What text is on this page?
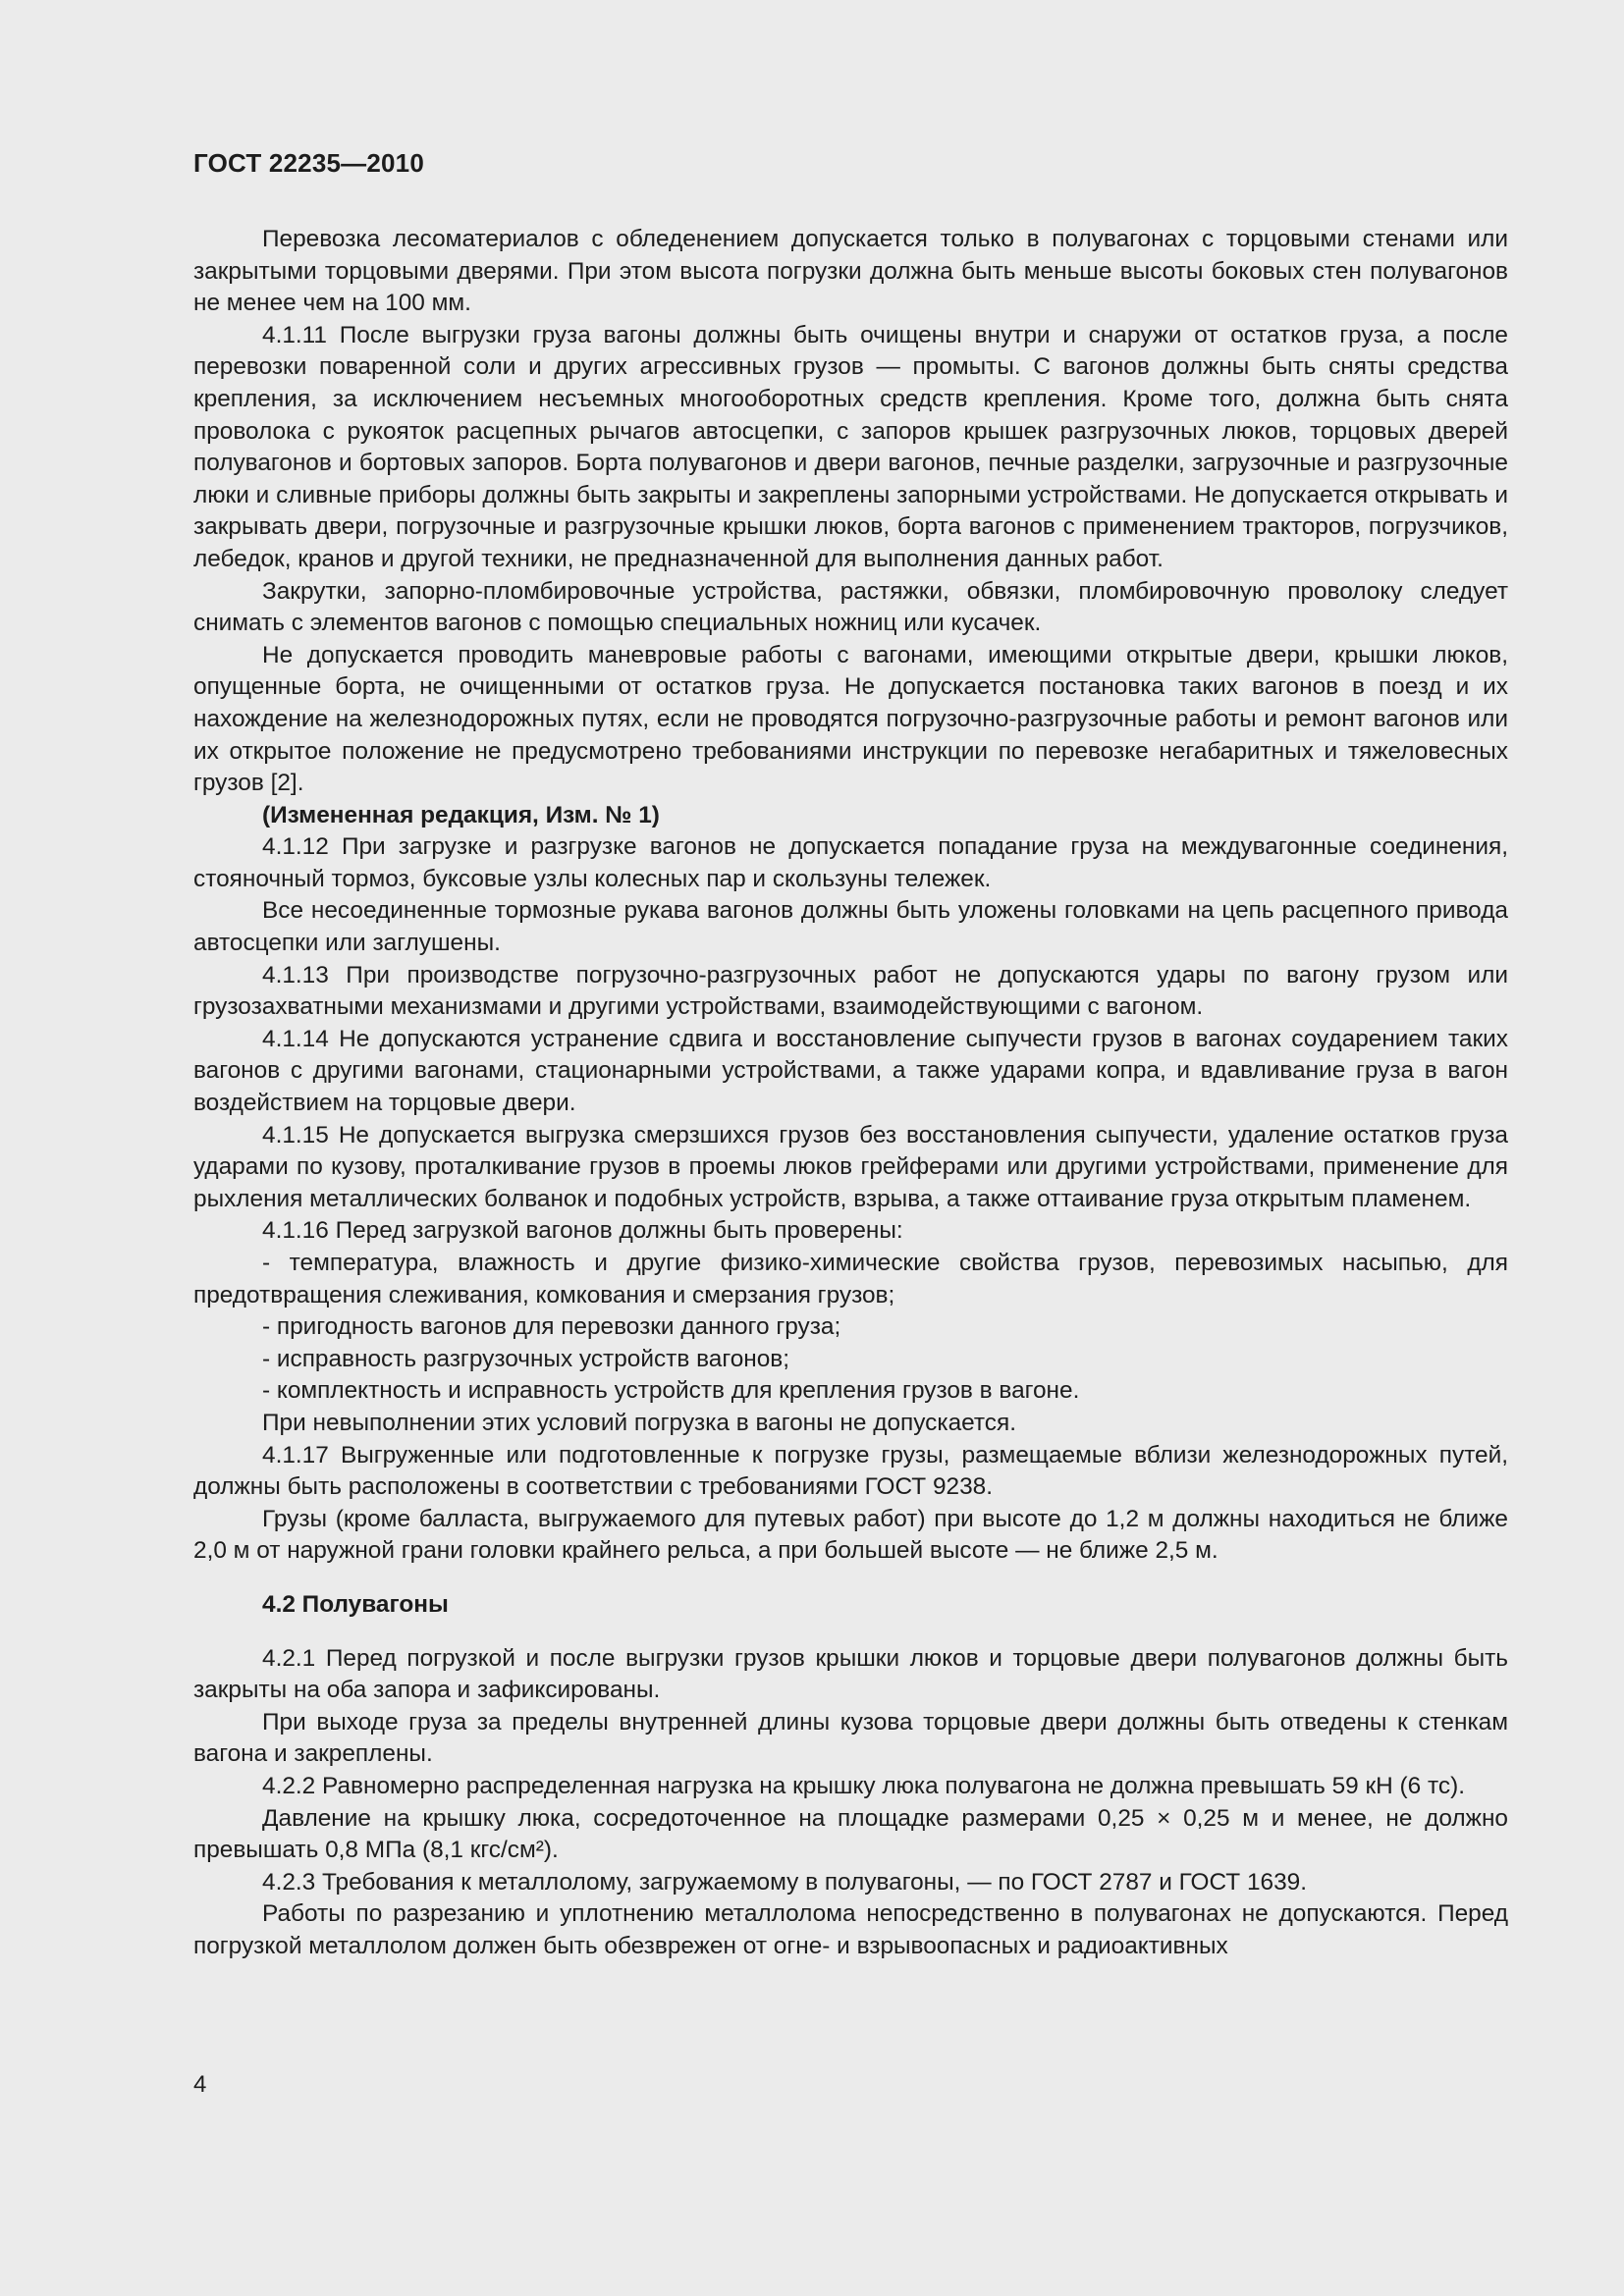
ГОСТ 22235—2010

Перевозка лесоматериалов с обледенением допускается только в полувагонах с торцовыми стенами или закрытыми торцовыми дверями. При этом высота погрузки должна быть меньше высоты боковых стен полувагонов не менее чем на 100 мм.

4.1.11 После выгрузки груза вагоны должны быть очищены внутри и снаружи от остатков груза, а после перевозки поваренной соли и других агрессивных грузов — промыты. С вагонов должны быть сняты средства крепления, за исключением несъемных многооборотных средств крепления. Кроме того, должна быть снята проволока с рукояток расцепных рычагов автосцепки, с запоров крышек разгрузочных люков, торцовых дверей полувагонов и бортовых запоров. Борта полувагонов и двери вагонов, печные разделки, загрузочные и разгрузочные люки и сливные приборы должны быть закрыты и закреплены запорными устройствами. Не допускается открывать и закрывать двери, погрузочные и разгрузочные крышки люков, борта вагонов с применением тракторов, погрузчиков, лебедок, кранов и другой техники, не предназначенной для выполнения данных работ.

Закрутки, запорно-пломбировочные устройства, растяжки, обвязки, пломбировочную проволоку следует снимать с элементов вагонов с помощью специальных ножниц или кусачек.

Не допускается проводить маневровые работы с вагонами, имеющими открытые двери, крышки люков, опущенные борта, не очищенными от остатков груза. Не допускается постановка таких вагонов в поезд и их нахождение на железнодорожных путях, если не проводятся погрузочно-разгрузочные работы и ремонт вагонов или их открытое положение не предусмотрено требованиями инструкции по перевозке негабаритных и тяжеловесных грузов [2].

(Измененная редакция, Изм. № 1)

4.1.12 При загрузке и разгрузке вагонов не допускается попадание груза на междувагонные соединения, стояночный тормоз, буксовые узлы колесных пар и скользуны тележек.

Все несоединенные тормозные рукава вагонов должны быть уложены головками на цепь расцепного привода автосцепки или заглушены.

4.1.13 При производстве погрузочно-разгрузочных работ не допускаются удары по вагону грузом или грузозахватными механизмами и другими устройствами, взаимодействующими с вагоном.

4.1.14 Не допускаются устранение сдвига и восстановление сыпучести грузов в вагонах соударением таких вагонов с другими вагонами, стационарными устройствами, а также ударами копра, и вдавливание груза в вагон воздействием на торцовые двери.

4.1.15 Не допускается выгрузка смерзшихся грузов без восстановления сыпучести, удаление остатков груза ударами по кузову, проталкивание грузов в проемы люков грейферами или другими устройствами, применение для рыхления металлических болванок и подобных устройств, взрыва, а также оттаивание груза открытым пламенем.

4.1.16 Перед загрузкой вагонов должны быть проверены:

- температура, влажность и другие физико-химические свойства грузов, перевозимых насыпью, для предотвращения слеживания, комкования и смерзания грузов;

- пригодность вагонов для перевозки данного груза;

- исправность разгрузочных устройств вагонов;

- комплектность и исправность устройств для крепления грузов в вагоне.

При невыполнении этих условий погрузка в вагоны не допускается.

4.1.17 Выгруженные или подготовленные к погрузке грузы, размещаемые вблизи железнодорожных путей, должны быть расположены в соответствии с требованиями ГОСТ 9238.

Грузы (кроме балласта, выгружаемого для путевых работ) при высоте до 1,2 м должны находиться не ближе 2,0 м от наружной грани головки крайнего рельса, а при большей высоте — не ближе 2,5 м.

4.2 Полувагоны

4.2.1 Перед погрузкой и после выгрузки грузов крышки люков и торцовые двери полувагонов должны быть закрыты на оба запора и зафиксированы.

При выходе груза за пределы внутренней длины кузова торцовые двери должны быть отведены к стенкам вагона и закреплены.

4.2.2 Равномерно распределенная нагрузка на крышку люка полувагона не должна превышать 59 кН (6 тс).

Давление на крышку люка, сосредоточенное на площадке размерами 0,25 × 0,25 м и менее, не должно превышать 0,8 МПа (8,1 кгс/см²).

4.2.3 Требования к металлолому, загружаемому в полувагоны, — по ГОСТ 2787 и ГОСТ 1639.

Работы по разрезанию и уплотнению металлолома непосредственно в полувагонах не допускаются. Перед погрузкой металлолом должен быть обезврежен от огне- и взрывоопасных и радиоактивных

4
